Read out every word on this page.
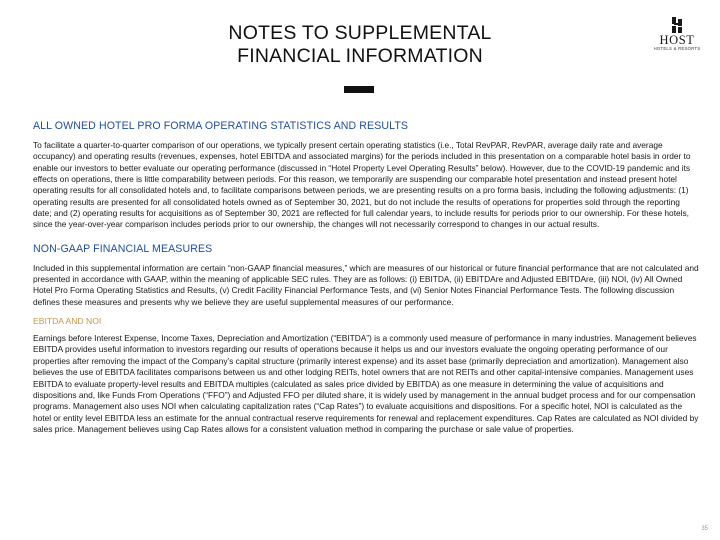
NOTES TO SUPPLEMENTAL
FINANCIAL INFORMATION
HOST
HOTELS & RESORTS
ALL OWNED HOTEL PRO FORMA OPERATING STATISTICS AND RESULTS

To facilitate a quarter-to-quarter comparison of our operations, we typically present certain operating statistics (i.e., Total RevPAR, RevPAR, average daily rate and average occupancy) and operating results (revenues, expenses, hotel EBITDA and associated margins) for the periods included in this presentation on a comparable hotel basis in order to enable our investors to better evaluate our operating performance (discussed in “Hotel Property Level Operating Results” below). However, due to the COVID-19 pandemic and its effects on operations, there is little comparability between periods. For this reason, we temporarily are suspending our comparable hotel presentation and instead present hotel operating results for all consolidated hotels and, to facilitate comparisons between periods, we are presenting results on a pro forma basis, including the following adjustments: (1) operating results are presented for all consolidated hotels owned as of September 30, 2021, but do not include the results of operations for properties sold through the reporting date; and (2) operating results for acquisitions as of September 30, 2021 are reflected for full calendar years, to include results for periods prior to our ownership. For these hotels, since the year-over-year comparison includes periods prior to our ownership, the changes will not necessarily correspond to changes in our actual results.

NON-GAAP FINANCIAL MEASURES

Included in this supplemental information are certain “non-GAAP financial measures,” which are measures of our historical or future financial performance that are not calculated and presented in accordance with GAAP, within the meaning of applicable SEC rules. They are as follows: (i) EBITDA, (ii) EBITDAre and Adjusted EBITDAre, (iii) NOI, (iv) All Owned Hotel Pro Forma Operating Statistics and Results, (v) Credit Facility Financial Performance Tests, and (vi) Senior Notes Financial Performance Tests. The following discussion defines these measures and presents why we believe they are useful supplemental measures of our performance.

EBITDA AND NOI

Earnings before Interest Expense, Income Taxes, Depreciation and Amortization (“EBITDA”) is a commonly used measure of performance in many industries. Management believes EBITDA provides useful information to investors regarding our results of operations because it helps us and our investors evaluate the ongoing operating performance of our properties after removing the impact of the Company’s capital structure (primarily interest expense) and its asset base (primarily depreciation and amortization). Management also believes the use of EBITDA facilitates comparisons between us and other lodging REITs, hotel owners that are not REITs and other capital-intensive companies. Management uses EBITDA to evaluate property-level results and EBITDA multiples (calculated as sales price divided by EBITDA) as one measure in determining the value of acquisitions and dispositions and, like Funds From Operations (“FFO”) and Adjusted FFO per diluted share, it is widely used by management in the annual budget process and for our compensation programs. Management also uses NOI when calculating capitalization rates (“Cap Rates”) to evaluate acquisitions and dispositions. For a specific hotel, NOI is calculated as the hotel or entity level EBITDA less an estimate for the annual contractual reserve requirements for renewal and replacement expenditures. Cap Rates are calculated as NOI divided by sales price. Management believes using Cap Rates allows for a consistent valuation method in comparing the purchase or sale value of properties.

35
